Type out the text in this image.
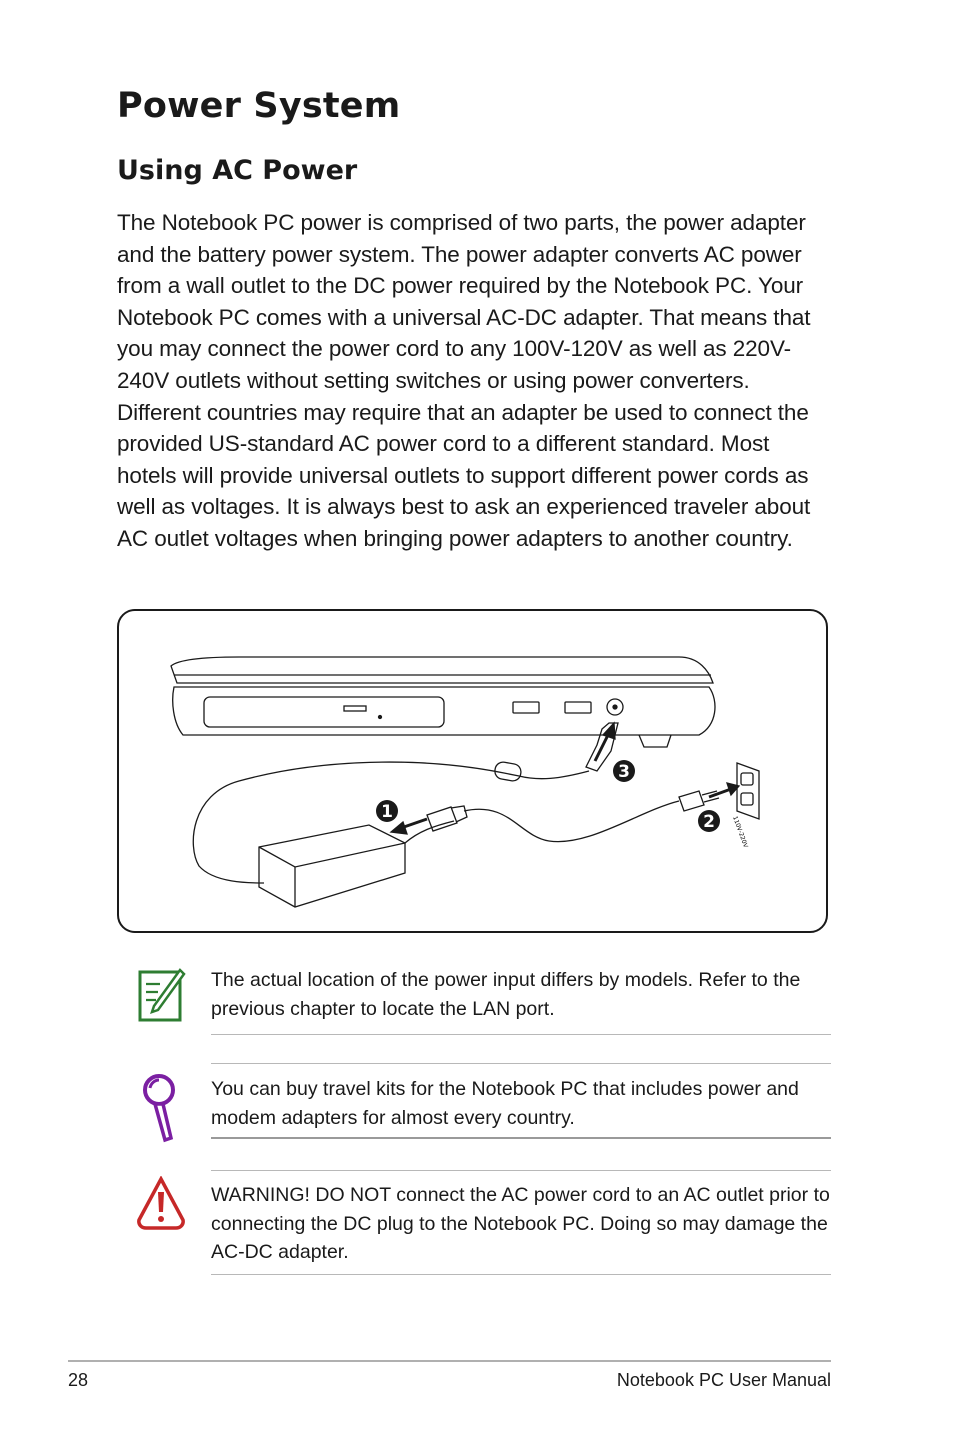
Power System
Using AC Power

The Notebook PC power is comprised of two parts, the power adapter and the battery power system. The power adapter converts AC power from a wall outlet to the DC power required by the Notebook PC. Your Notebook PC comes with a universal AC-DC adapter. That means that you may connect the power cord to any 100V-120V as well as 220V-240V outlets without setting switches or using power converters. Different countries may require that an adapter be used to connect the provided US-standard AC power cord to a different standard. Most hotels will provide universal outlets to support different power cords as well as voltages. It is always best to ask an experienced traveler about AC outlet voltages when bringing power adapters to another country.

3
1	2	110V-220V

The actual location of the power input differs by models. Refer to the previous chapter to locate the LAN port.

You can buy travel kits for the Notebook PC that includes power and modem adapters for almost every country.

WARNING! DO NOT connect the AC power cord to an AC outlet prior to connecting the DC plug to the Notebook PC. Doing so may damage the AC-DC adapter.

28	Notebook PC User Manual
